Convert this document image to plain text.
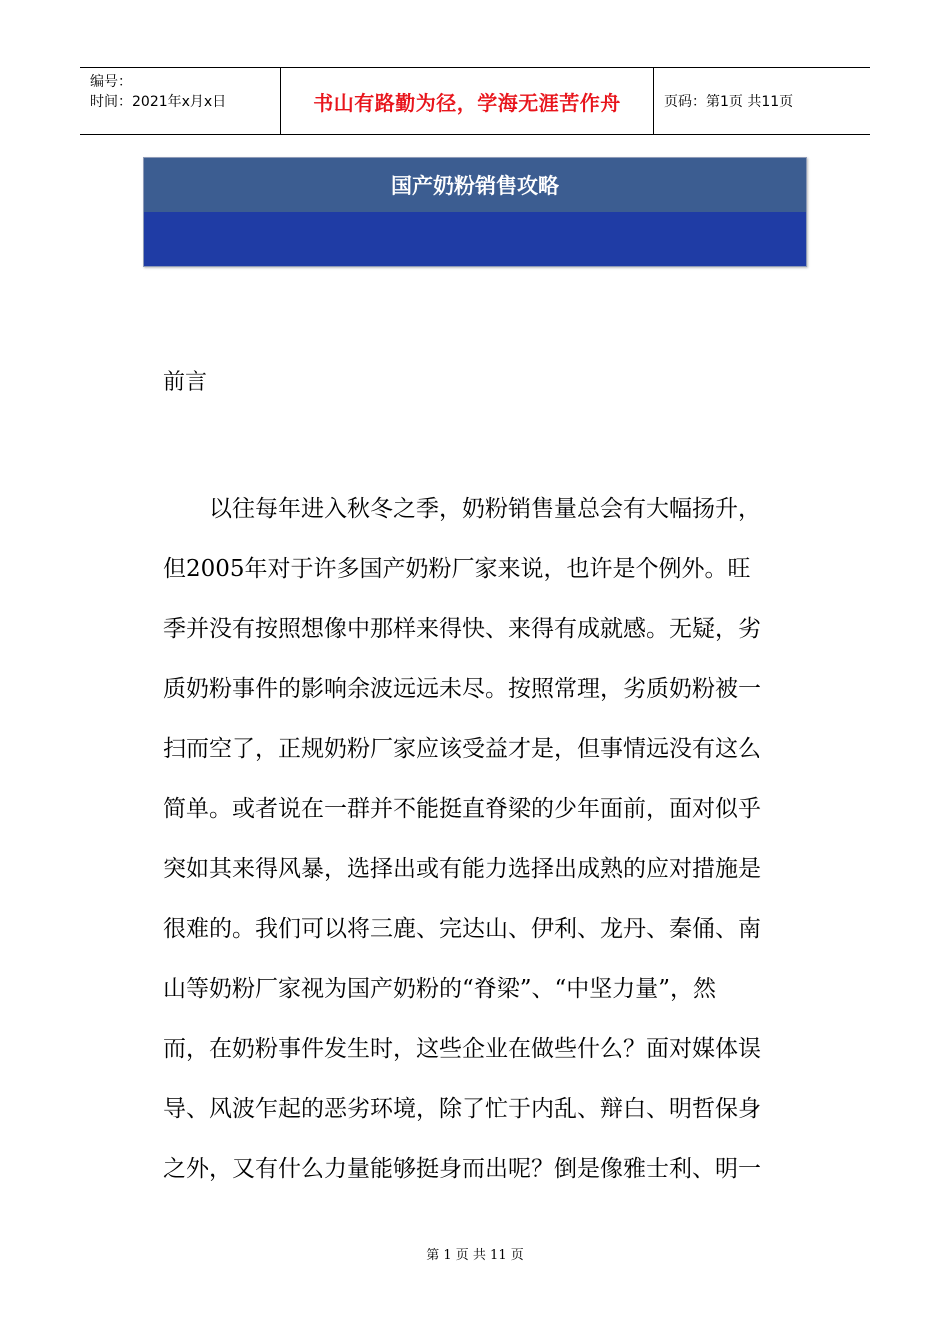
编号：
时间：2021年x月x日	书山有路勤为径，学海无涯苦作舟	页码：第1页 共11页
国产奶粉销售攻略
前言
以往每年进入秋冬之季，奶粉销售量总会有大幅扬升，
但2005年对于许多国产奶粉厂家来说，也许是个例外。旺
季并没有按照想像中那样来得快、来得有成就感。无疑，劣
质奶粉事件的影响余波远远未尽。按照常理，劣质奶粉被一
扫而空了，正规奶粉厂家应该受益才是，但事情远没有这么
简单。或者说在一群并不能挺直脊梁的少年面前，面对似乎
突如其来得风暴，选择出或有能力选择出成熟的应对措施是
很难的。我们可以将三鹿、完达山、伊利、龙丹、秦俑、南
山等奶粉厂家视为国产奶粉的“脊梁”、“中坚力量”，然
而，在奶粉事件发生时，这些企业在做些什么？面对媒体误
导、风波乍起的恶劣环境，除了忙于内乱、辩白、明哲保身
之外，又有什么力量能够挺身而出呢？倒是像雅士利、明一
第 1 页 共 11 页
